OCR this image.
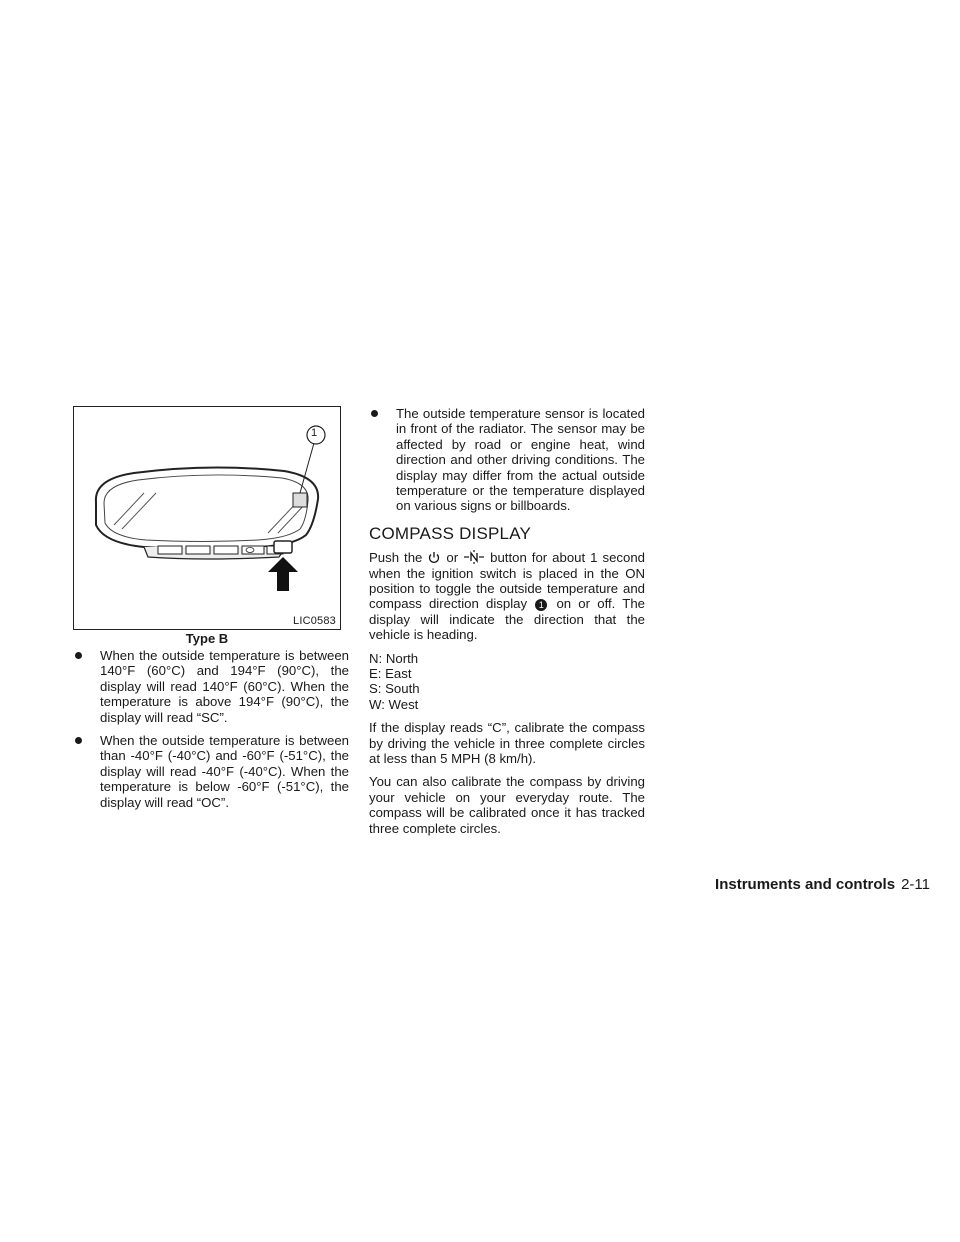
1
LIC0583
Type B
When the outside temperature is between 140°F (60°C) and 194°F (90°C), the display will read 140°F (60°C). When the temperature is above 194°F (90°C), the display will read “SC”.
When the outside temperature is between than -40°F (-40°C) and -60°F (-51°C), the display will read -40°F (-40°C). When the temperature is below -60°F (-51°C), the display will read “OC”.
The outside temperature sensor is located in front of the radiator. The sensor may be affected by road or engine heat, wind direction and other driving conditions. The display may differ from the actual outside temperature or the temperature displayed on various signs or billboards.
COMPASS DISPLAY

Push the or button for about 1 second when the ignition switch is placed in the ON position to toggle the outside temperature and compass direction display 1 on or off. The display will indicate the direction that the vehicle is heading.

N: North
E: East
S: South
W: West

If the display reads “C”, calibrate the compass by driving the vehicle in three complete circles at less than 5 MPH (8 km/h).

You can also calibrate the compass by driving your vehicle on your everyday route. The compass will be calibrated once it has tracked three complete circles.

Instruments and controls 2-11
